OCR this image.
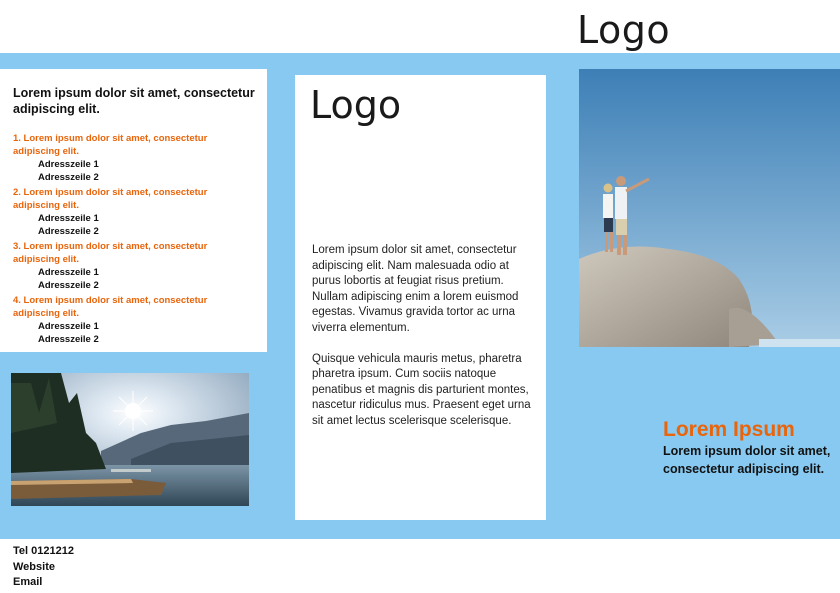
Logo
Lorem ipsum dolor sit amet, consectetur adipiscing elit.
1. Lorem ipsum dolor sit amet, consectetur adipiscing elit.
Adresszeile 1
Adresszeile 2
2. Lorem ipsum dolor sit amet, consectetur adipiscing elit.
Adresszeile 1
Adresszeile 2
3. Lorem ipsum dolor sit amet, consectetur adipiscing elit.
Adresszeile 1
Adresszeile 2
4. Lorem ipsum dolor sit amet, consectetur adipiscing elit.
Adresszeile 1
Adresszeile 2
Logo

Lorem ipsum dolor sit amet, consectetur adipiscing elit. Nam malesuada odio at purus lobortis at feugiat risus pretium. Nullam adipiscing enim a lorem euismod egestas. Vivamus gravida tortor ac urna viverra elementum.

Quisque vehicula mauris metus, pharetra pharetra ipsum. Cum sociis natoque penatibus et magnis dis parturient montes, nascetur ridiculus mus. Praesent eget urna sit amet lectus scelerisque scelerisque.	Lorem Ipsum
Lorem ipsum dolor sit amet, consectetur adipiscing elit.
Tel 0121212
Website
Email
